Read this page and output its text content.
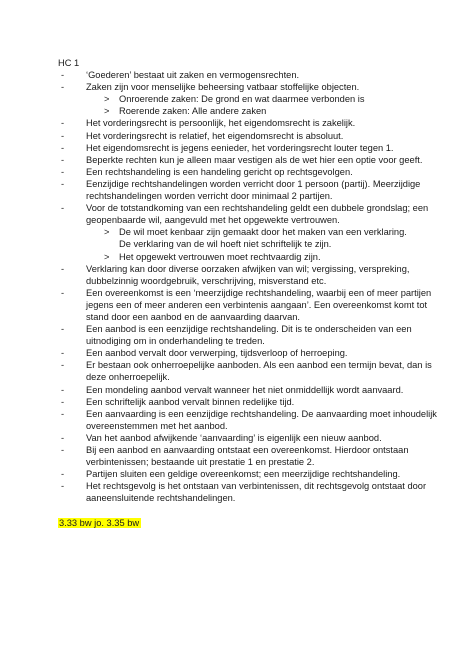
HC 1
- ‘Goederen’ bestaat uit zaken en vermogensrechten.
- Zaken zijn voor menselijke beheersing vatbaar stoffelijke objecten.
> Onroerende zaken: De grond en wat daarmee verbonden is
> Roerende zaken: Alle andere zaken
- Het vorderingsrecht is persoonlijk, het eigendomsrecht is zakelijk.
- Het vorderingsrecht is relatief, het eigendomsrecht is absoluut.
- Het eigendomsrecht is jegens eenieder, het vorderingsrecht louter tegen 1.
- Beperkte rechten kun je alleen maar vestigen als de wet hier een optie voor geeft.
- Een rechtshandeling is een handeling gericht op rechtsgevolgen.
- Eenzijdige rechtshandelingen worden verricht door 1 persoon (partij). Meerzijdige rechtshandelingen worden verricht door minimaal 2 partijen.
- Voor de totstandkoming van een rechtshandeling geldt een dubbele grondslag; een geopenbaarde wil, aangevuld met het opgewekte vertrouwen.
> De wil moet kenbaar zijn gemaakt door het maken van een verklaring.
De verklaring van de wil hoeft niet schriftelijk te zijn.
> Het opgewekt vertrouwen moet rechtvaardig zijn.
- Verklaring kan door diverse oorzaken afwijken van wil; vergissing, verspreking, dubbelzinnig woordgebruik, verschrijving, misverstand etc.
- Een overeenkomst is een ‘meerzijdige rechtshandeling, waarbij een of meer partijen jegens een of meer anderen een verbintenis aangaan’. Een overeenkomst komt tot stand door een aanbod en de aanvaarding daarvan.
- Een aanbod is een eenzijdige rechtshandeling. Dit is te onderscheiden van een uitnodiging om in onderhandeling te treden.
- Een aanbod vervalt door verwerping, tijdsverloop of herroeping.
- Er bestaan ook onherroepelijke aanboden. Als een aanbod een termijn bevat, dan is deze onherroepelijk.
- Een mondeling aanbod vervalt wanneer het niet onmiddellijk wordt aanvaard.
- Een schriftelijk aanbod vervalt binnen redelijke tijd.
- Een aanvaarding is een eenzijdige rechtshandeling. De aanvaarding moet inhoudelijk overeenstemmen met het aanbod.
- Van het aanbod afwijkende ‘aanvaarding’ is eigenlijk een nieuw aanbod.
- Bij een aanbod en aanvaarding ontstaat een overeenkomst. Hierdoor ontstaan verbintenissen; bestaande uit prestatie 1 en prestatie 2.
- Partijen sluiten een geldige overeenkomst; een meerzijdige rechtshandeling.
- Het rechtsgevolg is het ontstaan van verbintenissen, dit rechtsgevolg ontstaat door aaneensluitende rechtshandelingen.
3.33 bw jo. 3.35 bw
